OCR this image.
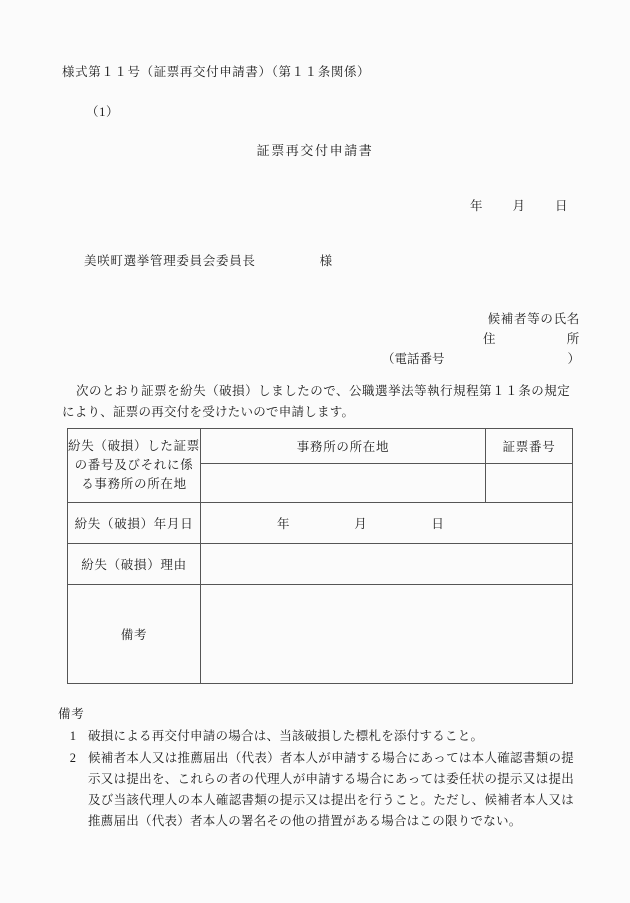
様式第１１号（証票再交付申請書）（第１１条関係）
（1）
証票再交付申請書
年 月 日
美咲町選挙管理委員会委員長	様
候補者等の氏名
住	所
（電話番号	）
次のとおり証票を紛失（破損）しましたので、公職選挙法等執行規程第１１条の規定により、証票の再交付を受けたいので申請します。
紛失（破損）した証票
の番号及びそれに係
る事務所の所在地	事務所の所在地	証票番号

紛失（破損）年月日	年 月 日	

紛失（破損）理由		
備考		
備考
1 破損による再交付申請の場合は、当該破損した標札を添付すること。
2 候補者本人又は推薦届出（代表）者本人が申請する場合にあっては本人確認書類の提示又は提出を、これらの者の代理人が申請する場合にあっては委任状の提示又は提出及び当該代理人の本人確認書類の提示又は提出を行うこと。ただし、候補者本人又は推薦届出（代表）者本人の署名その他の措置がある場合はこの限りでない。
